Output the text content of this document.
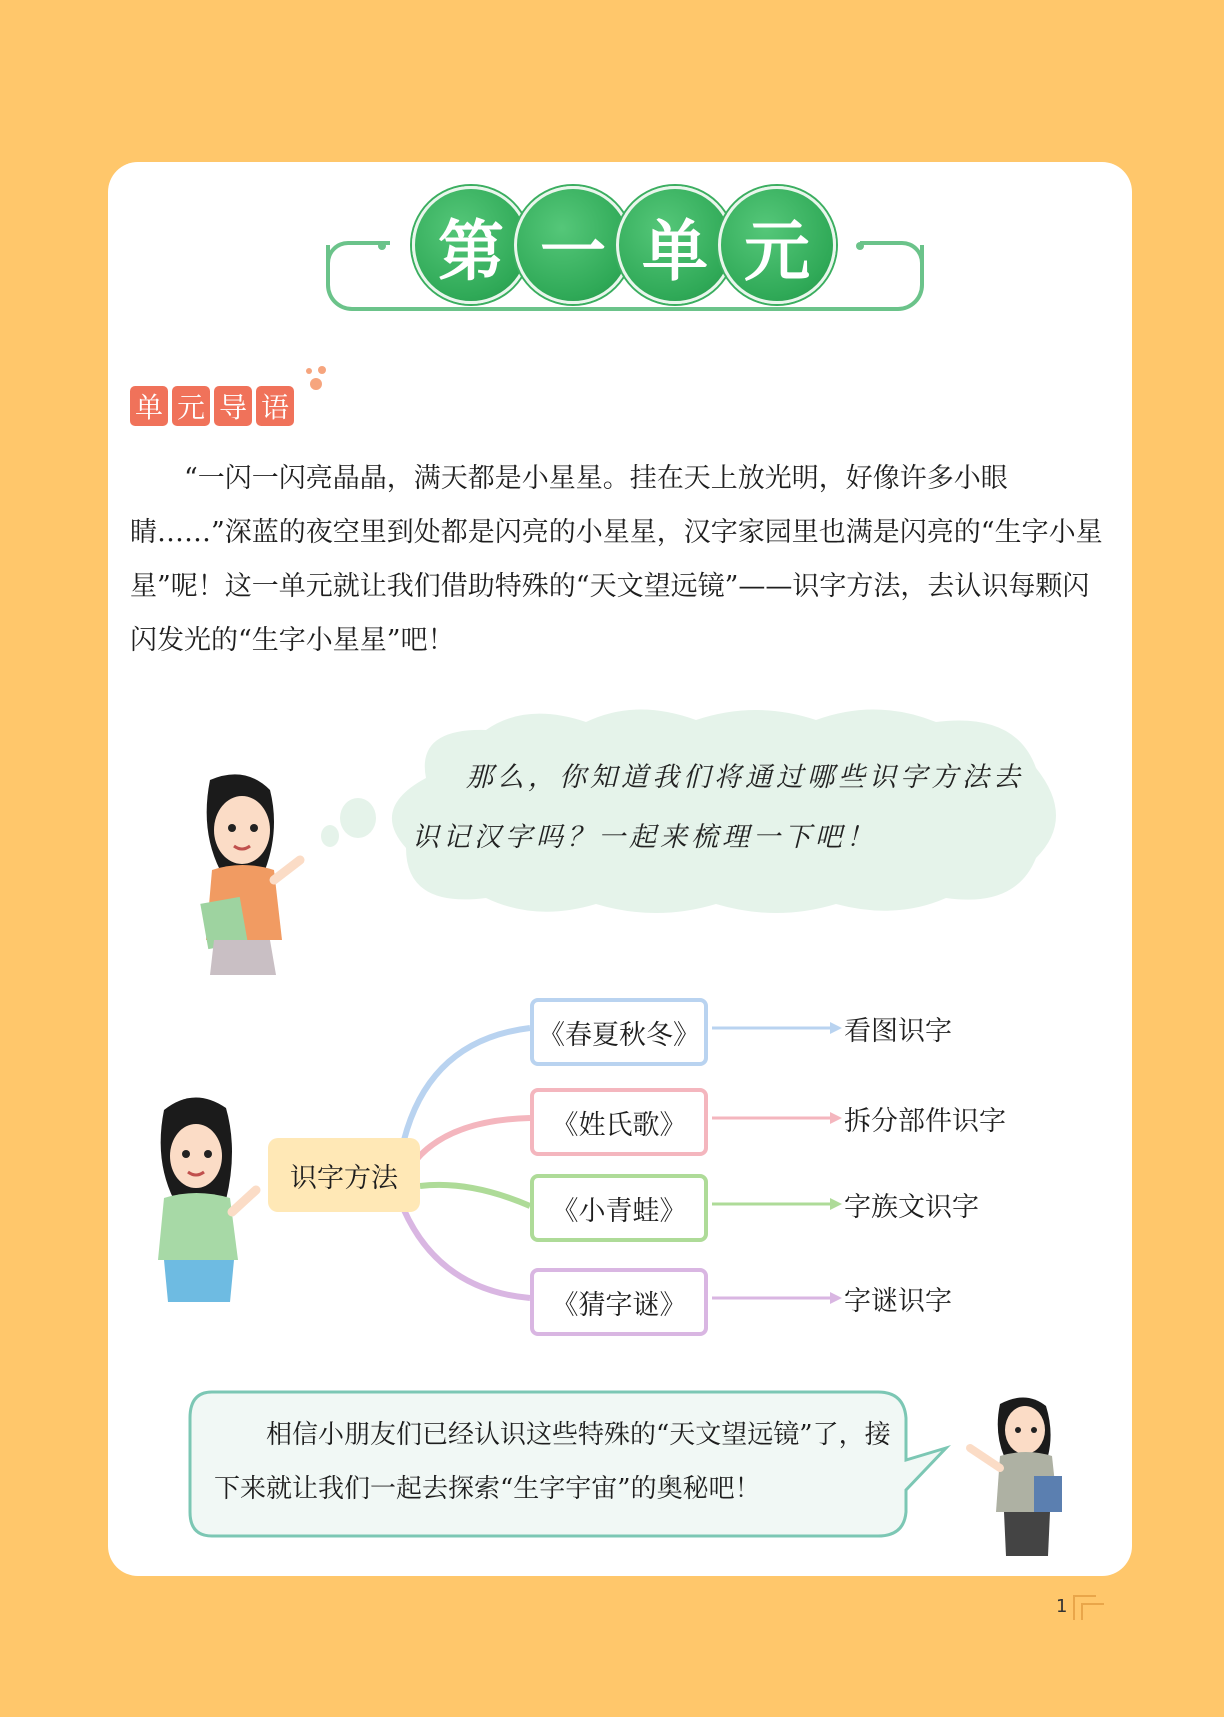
第 一 单 元
单 元 导 语

“一闪一闪亮晶晶，满天都是小星星。挂在天上放光明，好像许多小眼睛……”深蓝的夜空里到处都是闪亮的小星星，汉字家园里也满是闪亮的“生字小星星”呢！这一单元就让我们借助特殊的“天文望远镜”——识字方法，去认识每颗闪闪发光的“生字小星星”吧！

那么，你知道我们将通过哪些识字方法去识记汉字吗？一起来梳理一下吧！

识字方法
《春夏秋冬》
《姓氏歌》
《小青蛙》
《猜字谜》
看图识字
拆分部件识字
字族文识字
字谜识字

相信小朋友们已经认识这些特殊的“天文望远镜”了，接下来就让我们一起去探索“生字宇宙”的奥秘吧！

1
